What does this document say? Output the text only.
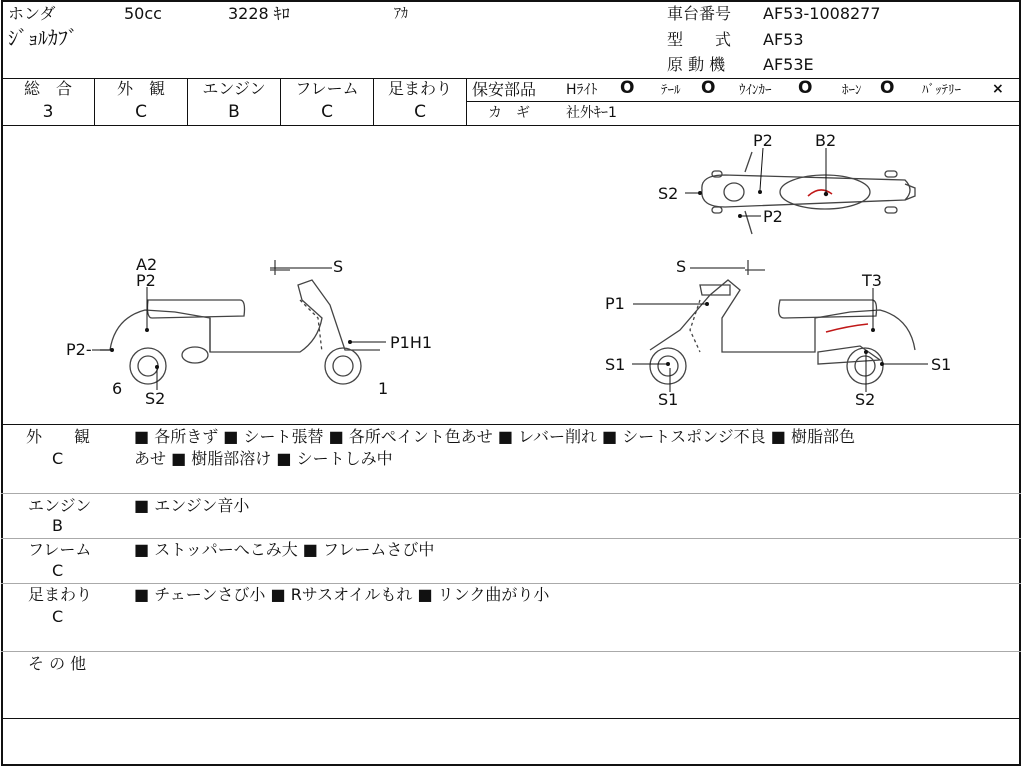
ホンダ	50cc	3228 ｷﾛ	ｱｶ
ｼﾞｮﾙｶﾌﾞ
車台番号 AF53-1008277
型　　式 AF53
原 動 機 AF53E
総　合
3
外　観
C
エンジン
B
フレーム
C
足まわり
C
保安部品 Hﾗｲﾄ O ﾃｰﾙ O ｳｲﾝｶｰ O ﾎｰﾝ O ﾊﾞｯﾃﾘｰ ×
カ　ギ	社外ｷｰ1
P2	B2
S2
P2
A2
P2
S
P2-	P1H1
6
S2
1
S
T3
P1
S1
S1
S1
S2
外　　観
C
■ 各所きず ■ シート張替 ■ 各所ペイント色あせ ■ レバー削れ ■ シートスポンジ不良 ■ 樹脂部色
あせ ■ 樹脂部溶け ■ シートしみ中
エンジン
B
■ エンジン音小
フレーム
C
■ ストッパーへこみ大 ■ フレームさび中
足まわり
C
■ チェーンさび小 ■ Rサスオイルもれ ■ リンク曲がり小
そ の 他
